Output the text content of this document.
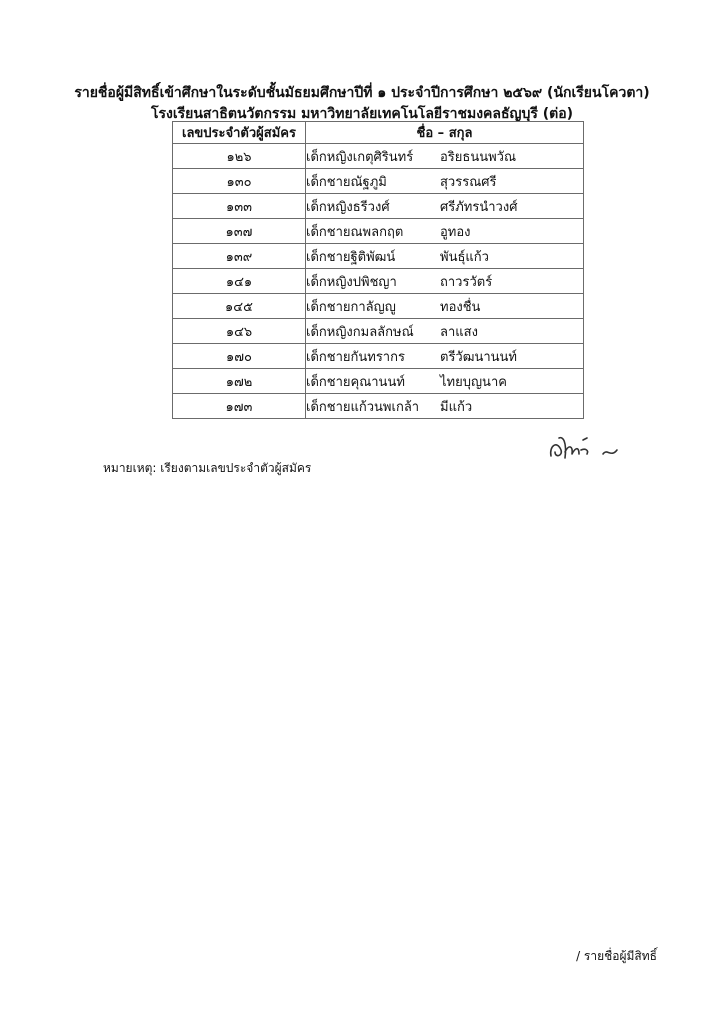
รายชื่อผู้มีสิทธิ์เข้าศึกษาในระดับชั้นมัธยมศึกษาปีที่ ๑ ประจำปีการศึกษา ๒๕๖๙ (นักเรียนโควตา)
โรงเรียนสาธิตนวัตกรรม มหาวิทยาลัยเทคโนโลยีราชมงคลธัญบุรี (ต่อ)
เลขประจำตัวผู้สมัคร	ชื่อ – สกุล
๑๒๖	เด็กหญิงเกตุศิรินทร์ อริยธนนพวัณ
๑๓๐	เด็กชายณัฐภูมิ สุวรรณศรี
๑๓๓	เด็กหญิงธรีวงศ์ ศรีภัทรนำวงศ์
๑๓๗	เด็กชายณพลกฤต อูทอง
๑๓๙	เด็กชายฐิติพัฒน์ พันธุ์แก้ว
๑๔๑	เด็กหญิงปพิชญา ถาวรวัตร์
๑๔๕	เด็กชายกาลัญญู ทองชื่น
๑๔๖	เด็กหญิงกมลลักษณ์ ลาแสง
๑๗๐	เด็กชายกันทรากร ตรีวัฒนานนท์
๑๗๒	เด็กชายคุณานนท์ ไทยบุญนาค
๑๗๓	เด็กชายแก้วนพเกล้า มีแก้ว
หมายเหตุ: เรียงตามเลขประจำตัวผู้สมัคร
/ รายชื่อผู้มีสิทธิ์
